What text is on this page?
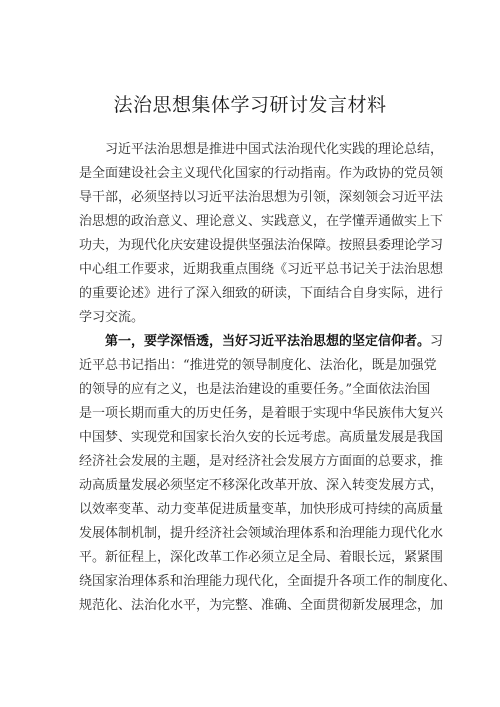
法治思想集体学习研讨发言材料
习近平法治思想是推进中国式法治现代化实践的理论总结，
是全面建设社会主义现代化国家的行动指南。作为政协的党员领
导干部，必须坚持以习近平法治思想为引领，深刻领会习近平法
治思想的政治意义、理论意义、实践意义，在学懂弄通做实上下
功夫，为现代化庆安建设提供坚强法治保障。按照县委理论学习
中心组工作要求，近期我重点围绕《习近平总书记关于法治思想
的重要论述》进行了深入细致的研读，下面结合自身实际，进行
学习交流。
第一，要学深悟透，当好习近平法治思想的坚定信仰者。习
近平总书记指出：“推进党的领导制度化、法治化，既是加强党
的领导的应有之义，也是法治建设的重要任务。”全面依法治国
是一项长期而重大的历史任务，是着眼于实现中华民族伟大复兴
中国梦、实现党和国家长治久安的长远考虑。高质量发展是我国
经济社会发展的主题，是对经济社会发展方方面面的总要求，推
动高质量发展必须坚定不移深化改革开放、深入转变发展方式，
以效率变革、动力变革促进质量变革，加快形成可持续的高质量
发展体制机制，提升经济社会领域治理体系和治理能力现代化水
平。新征程上，深化改革工作必须立足全局、着眼长远，紧紧围
绕国家治理体系和治理能力现代化，全面提升各项工作的制度化、
规范化、法治化水平，为完整、准确、全面贯彻新发展理念，加
